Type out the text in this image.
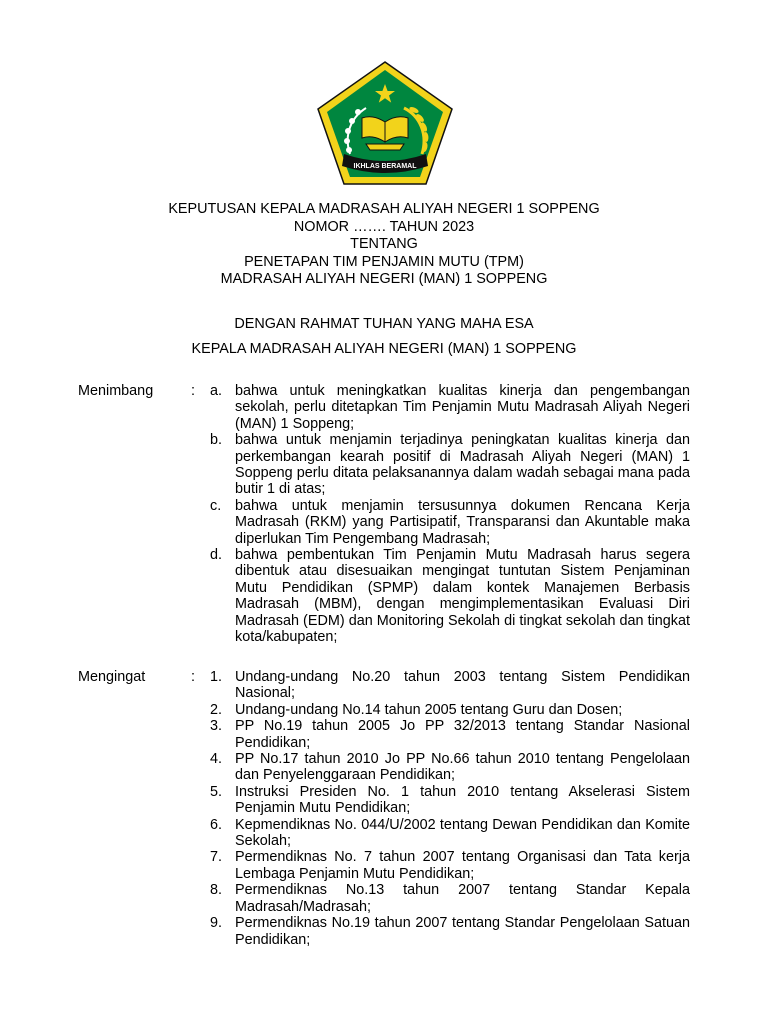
IKHLAS BERAMAL
KEPUTUSAN KEPALA MADRASAH ALIYAH NEGERI 1 SOPPENG
NOMOR ……. TAHUN 2023
TENTANG
PENETAPAN TIM PENJAMIN MUTU (TPM)
MADRASAH ALIYAH NEGERI (MAN) 1 SOPPENG
DENGAN RAHMAT TUHAN YANG MAHA ESA
KEPALA MADRASAH ALIYAH NEGERI (MAN) 1 SOPPENG
Menimbang	: a. bahwa untuk meningkatkan kualitas kinerja dan pengembangan sekolah, perlu ditetapkan Tim Penjamin Mutu Madrasah Aliyah Negeri (MAN) 1 Soppeng;
b. bahwa untuk menjamin terjadinya peningkatan kualitas kinerja dan perkembangan kearah positif di Madrasah Aliyah Negeri (MAN) 1 Soppeng perlu ditata pelaksanannya dalam wadah sebagai mana pada butir 1 di atas;
c. bahwa untuk menjamin tersusunnya dokumen Rencana Kerja Madrasah (RKM) yang Partisipatif, Transparansi dan Akuntable maka diperlukan Tim Pengembang Madrasah;
d. bahwa pembentukan Tim Penjamin Mutu Madrasah harus segera dibentuk atau disesuaikan mengingat tuntutan Sistem Penjaminan Mutu Pendidikan (SPMP) dalam kontek Manajemen Berbasis Madrasah (MBM), dengan mengimplementasikan Evaluasi Diri Madrasah (EDM) dan Monitoring Sekolah di tingkat sekolah dan tingkat kota/kabupaten;
Mengingat	: 1. Undang-undang No.20 tahun 2003 tentang Sistem Pendidikan Nasional;
2. Undang-undang No.14 tahun 2005 tentang Guru dan Dosen;
3. PP No.19 tahun 2005 Jo PP 32/2013 tentang Standar Nasional Pendidikan;
4. PP No.17 tahun 2010 Jo PP No.66 tahun 2010 tentang Pengelolaan dan Penyelenggaraan Pendidikan;
5. Instruksi Presiden No. 1 tahun 2010 tentang Akselerasi Sistem Penjamin Mutu Pendidikan;
6. Kepmendiknas No. 044/U/2002 tentang Dewan Pendidikan dan Komite Sekolah;
7. Permendiknas No. 7 tahun 2007 tentang Organisasi dan Tata kerja Lembaga Penjamin Mutu Pendidikan;
8. Permendiknas No.13 tahun 2007 tentang Standar Kepala Madrasah/Madrasah;
9. Permendiknas No.19 tahun 2007 tentang Standar Pengelolaan Satuan Pendidikan;
